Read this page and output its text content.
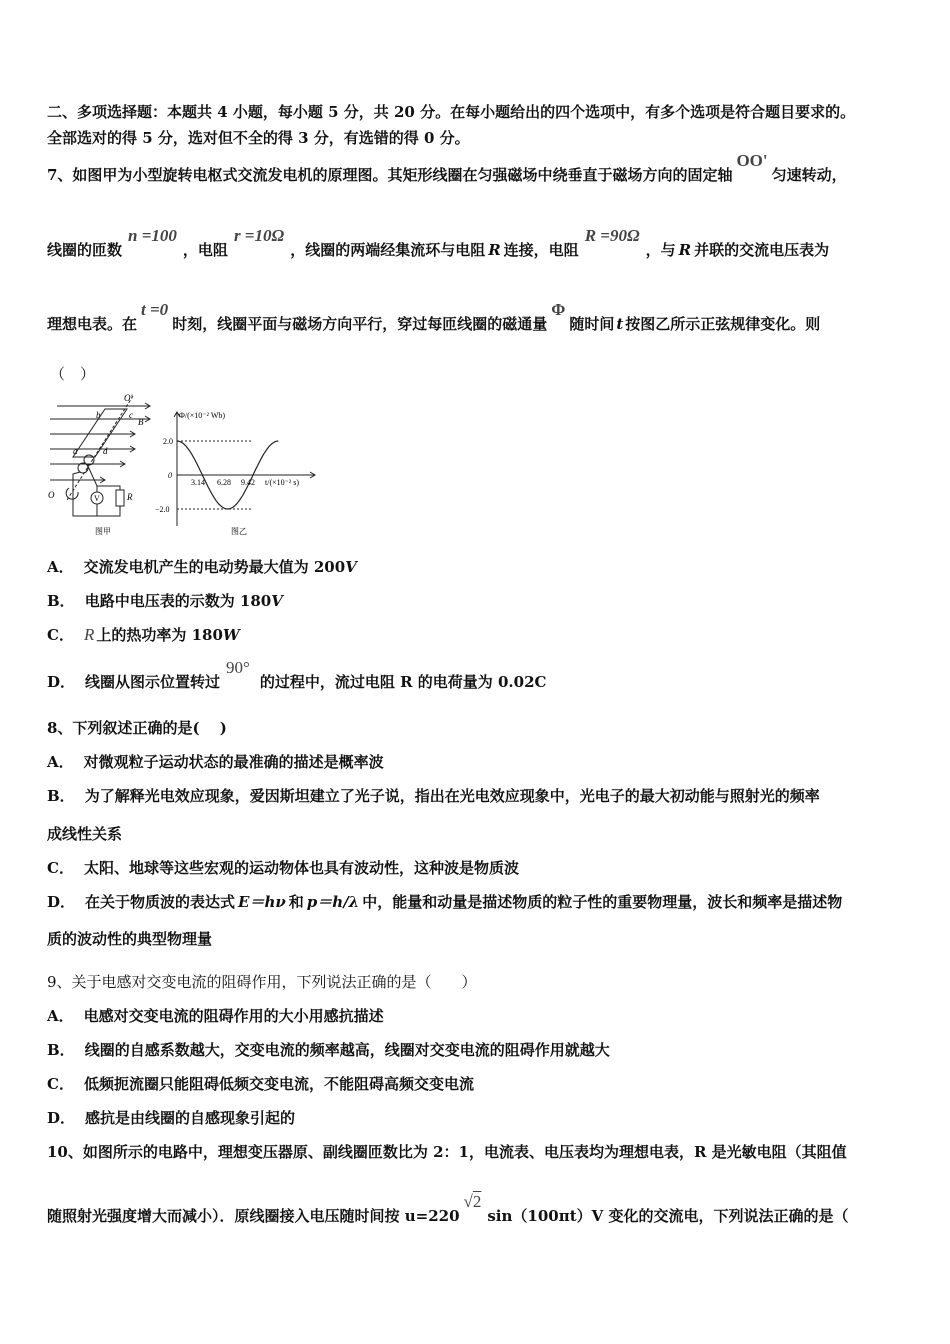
二、多项选择题：本题共 4 小题，每小题 5 分，共 20 分。在每小题给出的四个选项中，有多个选项是符合题目要求的。
全部选对的得 5 分，选对但不全的得 3 分，有选错的得 0 分。
7、如图甲为小型旋转电枢式交流发电机的原理图。其矩形线圈在匀强磁场中绕垂直于磁场方向的固定轴OO'匀速转动，
线圈的匝数n =100，电阻r =10Ω，线圈的两端经集流环与电阻 R 连接，电阻R =90Ω，与 R 并联的交流电压表为
理想电表。在t =0时刻，线圈平面与磁场方向平行，穿过每匝线圈的磁通量Φ随时间 t 按图乙所示正弦规律变化。则
（　）
O'
b	c
B
a	d
O	V	R
图甲
Φ/(×10⁻² Wb)
2.0
−2.0
0
3.14 6.28 9.42 t/(×10⁻² s)
图乙
A． 交流发电机产生的电动势最大值为 200V
B． 电路中电压表的示数为 180V
C． R 上的热功率为 180W
D． 线圈从图示位置转过90°的过程中，流过电阻 R 的电荷量为 0.02C
8、下列叙述正确的是(　 )
A． 对微观粒子运动状态的最准确的描述是概率波
B． 为了解释光电效应现象，爱因斯坦建立了光子说，指出在光电效应现象中，光电子的最大初动能与照射光的频率
成线性关系
C． 太阳、地球等这些宏观的运动物体也具有波动性，这种波是物质波
D． 在关于物质波的表达式 E＝hν 和 p＝h/λ 中，能量和动量是描述物质的粒子性的重要物理量，波长和频率是描述物
质的波动性的典型物理量
9、关于电感对交变电流的阻碍作用，下列说法正确的是（　　）
A． 电感对交变电流的阻碍作用的大小用感抗描述
B． 线圈的自感系数越大，交变电流的频率越高，线圈对交变电流的阻碍作用就越大
C． 低频扼流圈只能阻碍低频交变电流，不能阻碍高频交变电流
D． 感抗是由线圈的自感现象引起的
10、如图所示的电路中，理想变压器原、副线圈匝数比为 2：1，电流表、电压表均为理想电表，R 是光敏电阻（其阻值
随照射光强度增大而减小）．原线圈接入电压随时间按 u=220√2sin（100πt）V 变化的交流电，下列说法正确的是（
